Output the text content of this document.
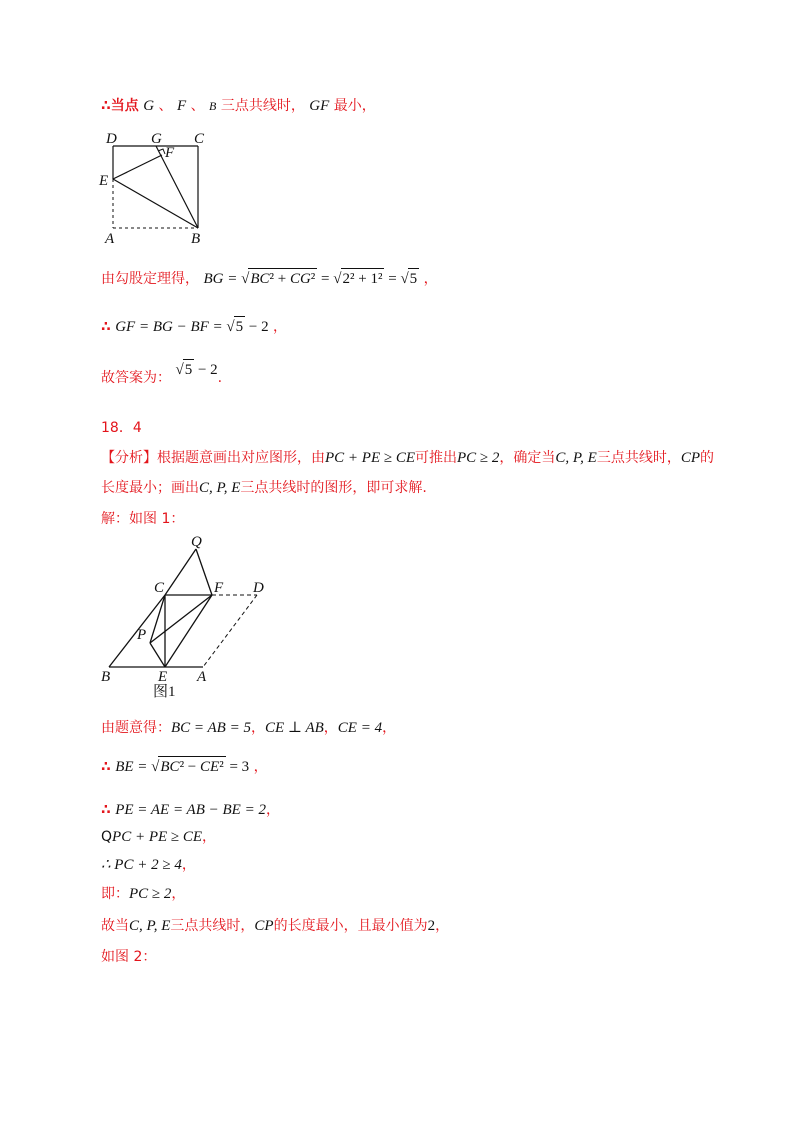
∴当点 G 、 F 、 B 三点共线时， GF 最小，
D G C
F
E
A	B
由勾股定理得， BG = √BC² + CG² = √2² + 1² = √5 ，
∴ GF = BG − BF = √5 − 2 ，
故答案为： √5 − 2.
18．4
【分析】根据题意画出对应图形，由PC + PE ≥ CE可推出PC ≥ 2，确定当C, P, E三点共线时，CP的
长度最小；画出C, P, E三点共线时的图形，即可求解.
解：如图 1：
Q
C	F D
P
B	E A
图1
由题意得：BC = AB = 5，CE ⊥ AB，CE = 4，
∴ BE = √BC² − CE² = 3 ，
∴ PE = AE = AB − BE = 2，
QPC + PE ≥ CE，
∴ PC + 2 ≥ 4，
即：PC ≥ 2，
故当C, P, E三点共线时，CP的长度最小，且最小值为2，
如图 2：
